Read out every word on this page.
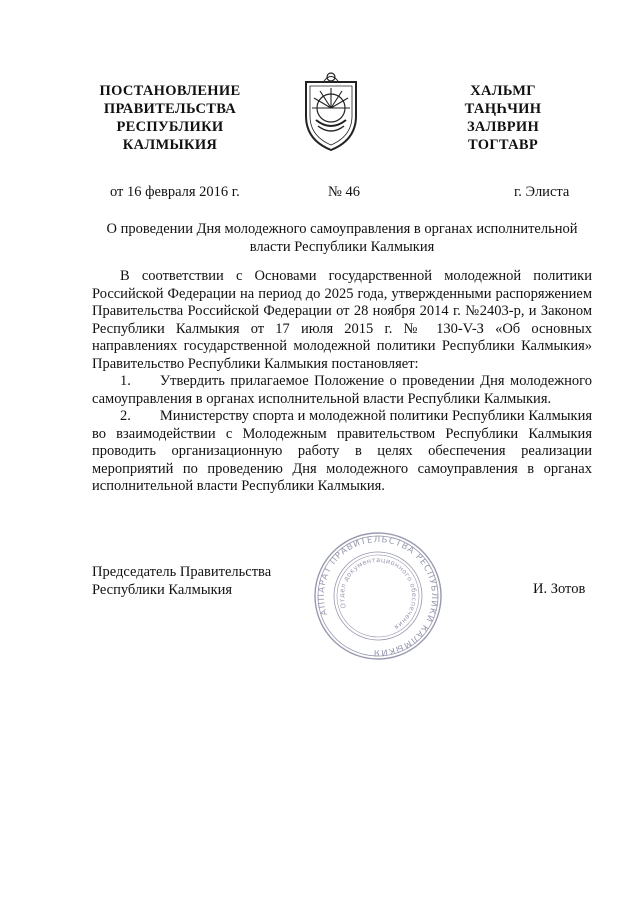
ПОСТАНОВЛЕНИЕ
ПРАВИТЕЛЬСТВА
РЕСПУБЛИКИ
КАЛМЫКИЯ
ХАЛЬМГ
ТАҢҺЧИН
ЗАЛВРИН
ТОГТАВР
от 16 февраля 2016 г.	№ 46	г. Элиста
О проведении Дня молодежного самоуправления в органах исполнительной власти Республики Калмыкия

В соответствии с Основами государственной молодежной политики Российской Федерации на период до 2025 года, утвержденными распоряжением Правительства Российской Федерации от 28 ноября 2014 г. №2403-р, и Законом Республики Калмыкия от 17 июля 2015 г. № 130-V-З «Об основных направлениях государственной молодежной политики Республики Калмыкия» Правительство Республики Калмыкия постановляет:

1.  Утвердить прилагаемое Положение о проведении Дня молодежного самоуправления в органах исполнительной власти Республики Калмыкия.

2.  Министерству спорта и молодежной политики Республики Калмыкия во взаимодействии с Молодежным правительством Республики Калмыкия проводить организационную работу в целях обеспечения реализации мероприятий по проведению Дня молодежного самоуправления в органах исполнительной власти Республики Калмыкия.

Председатель Правительства
Республики Калмыкия
АППАРАТ ПРАВИТЕЛЬСТВА РЕСПУБЛИКИ КАЛМЫКИЯ
Отдел документационного обеспечения
И. Зотов
